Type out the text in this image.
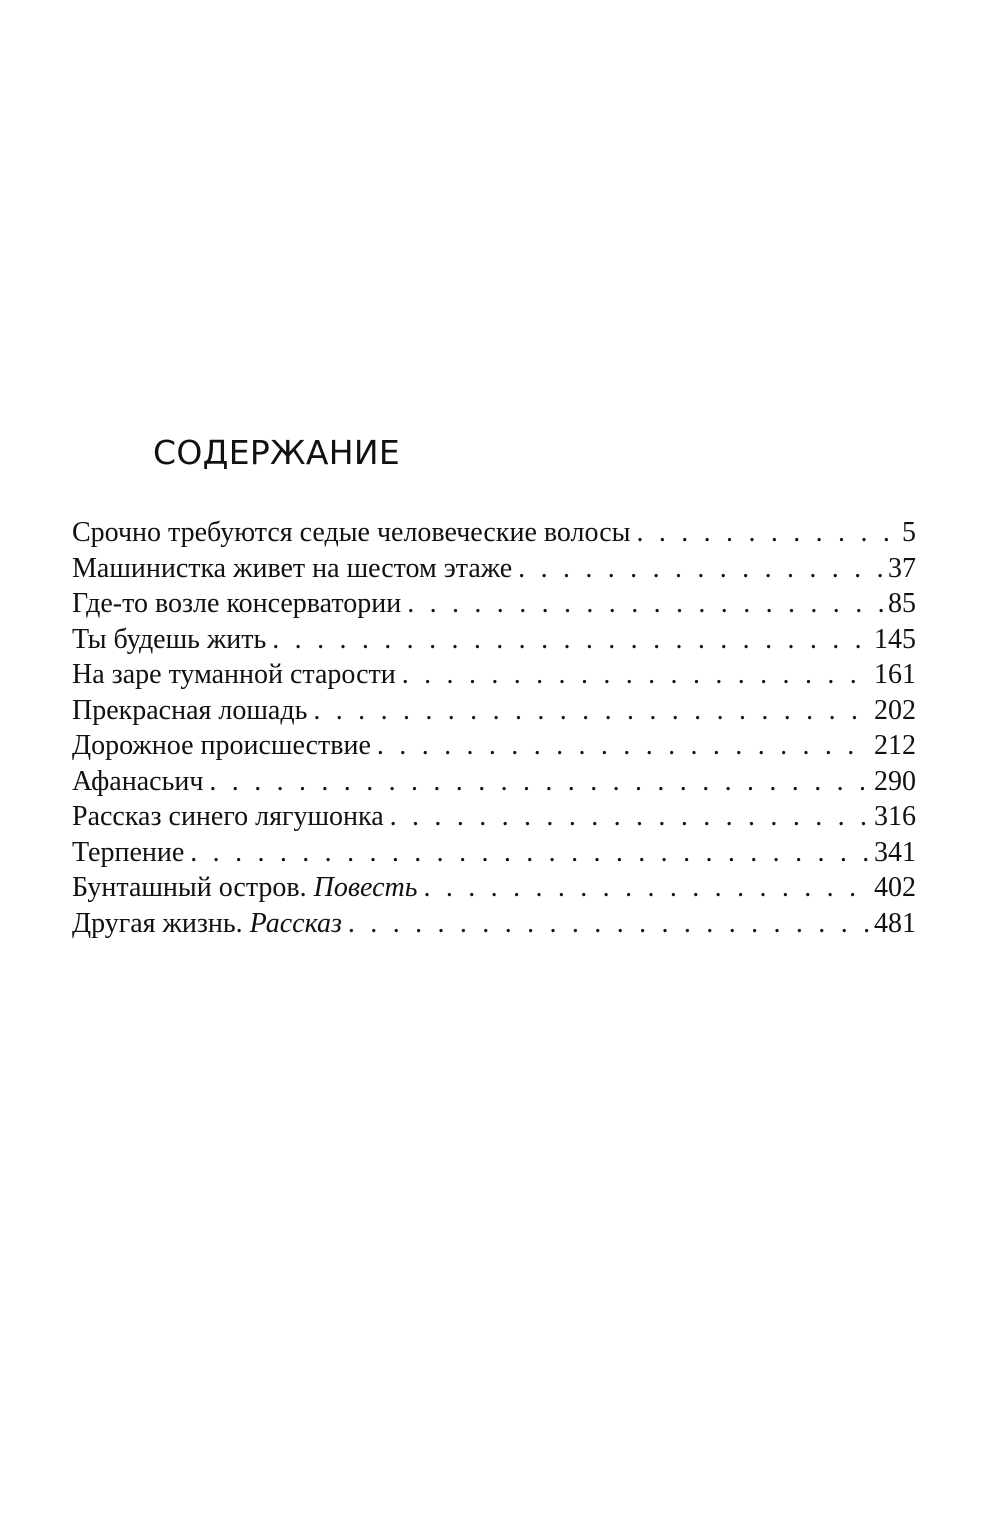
СОДЕРЖАНИЕ
Срочно требуются седые человеческие волосы . . .	5
Машинистка живет на шестом этаже . . .	37
Где-то возле консерватории . . .	85
Ты будешь жить . . .	145
На заре туманной старости . . .	161
Прекрасная лошадь . . .	202
Дорожное происшествие . . .	212
Афанасьич . . .	290
Рассказ синего лягушонка . . .	316
Терпение . . .	341
Бунташный остров. Повесть . . .	402
Другая жизнь. Рассказ . . .	481
